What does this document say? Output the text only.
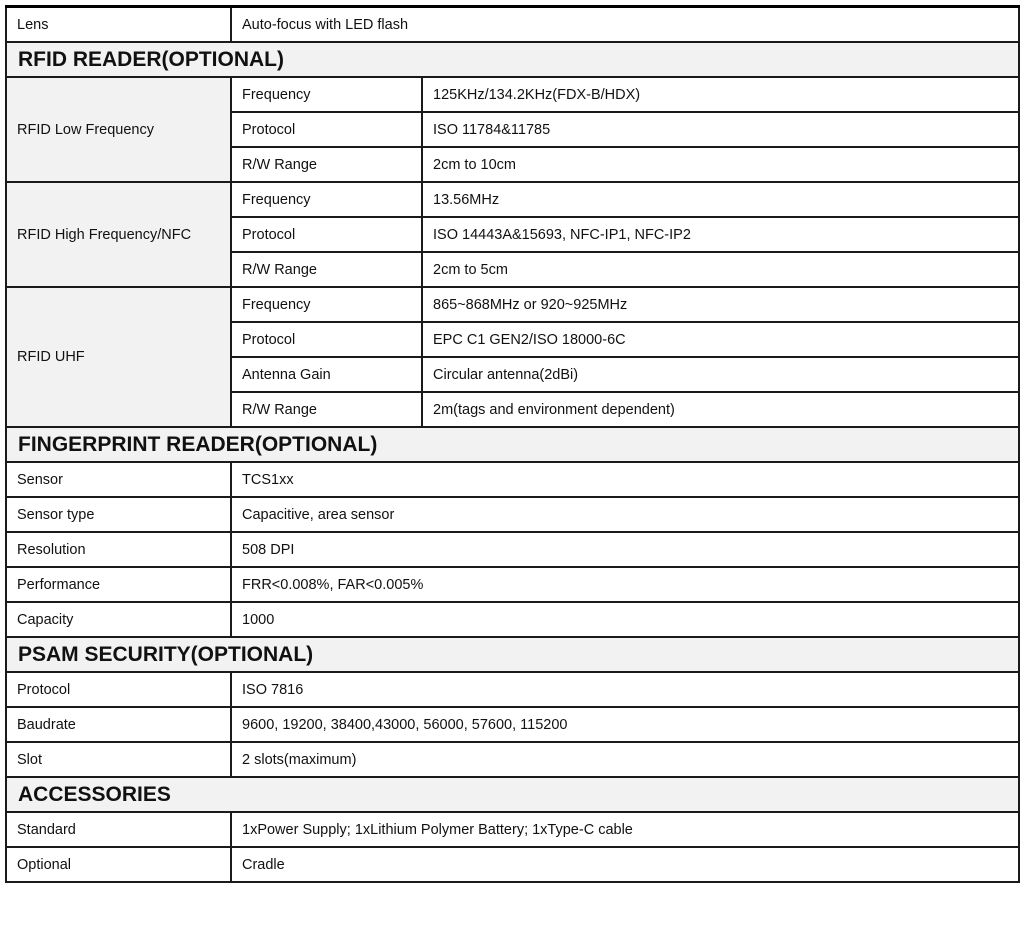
Lens	Auto-focus with LED flash	
RFID READER(OPTIONAL)		
RFID Low Frequency	Frequency	125KHz/134.2KHz(FDX-B/HDX)
	Protocol	ISO 11784&11785
	R/W Range	2cm to 10cm
RFID High Frequency/NFC	Frequency	13.56MHz
	Protocol	ISO 14443A&15693, NFC-IP1, NFC-IP2
	R/W Range	2cm to 5cm
RFID UHF	Frequency	865~868MHz or 920~925MHz
	Protocol	EPC C1 GEN2/ISO 18000-6C
	Antenna Gain	Circular antenna(2dBi)
	R/W Range	2m(tags and environment dependent)
FINGERPRINT READER(OPTIONAL)		
Sensor	TCS1xx	
Sensor type	Capacitive, area sensor	
Resolution	508 DPI	
Performance	FRR<0.008%, FAR<0.005%	
Capacity	1000	
PSAM SECURITY(OPTIONAL)		
Protocol	ISO 7816	
Baudrate	9600, 19200, 38400,43000, 56000, 57600, 115200	
Slot	2 slots(maximum)	
ACCESSORIES		
Standard	1xPower Supply; 1xLithium Polymer Battery; 1xType-C cable	
Optional	Cradle	
